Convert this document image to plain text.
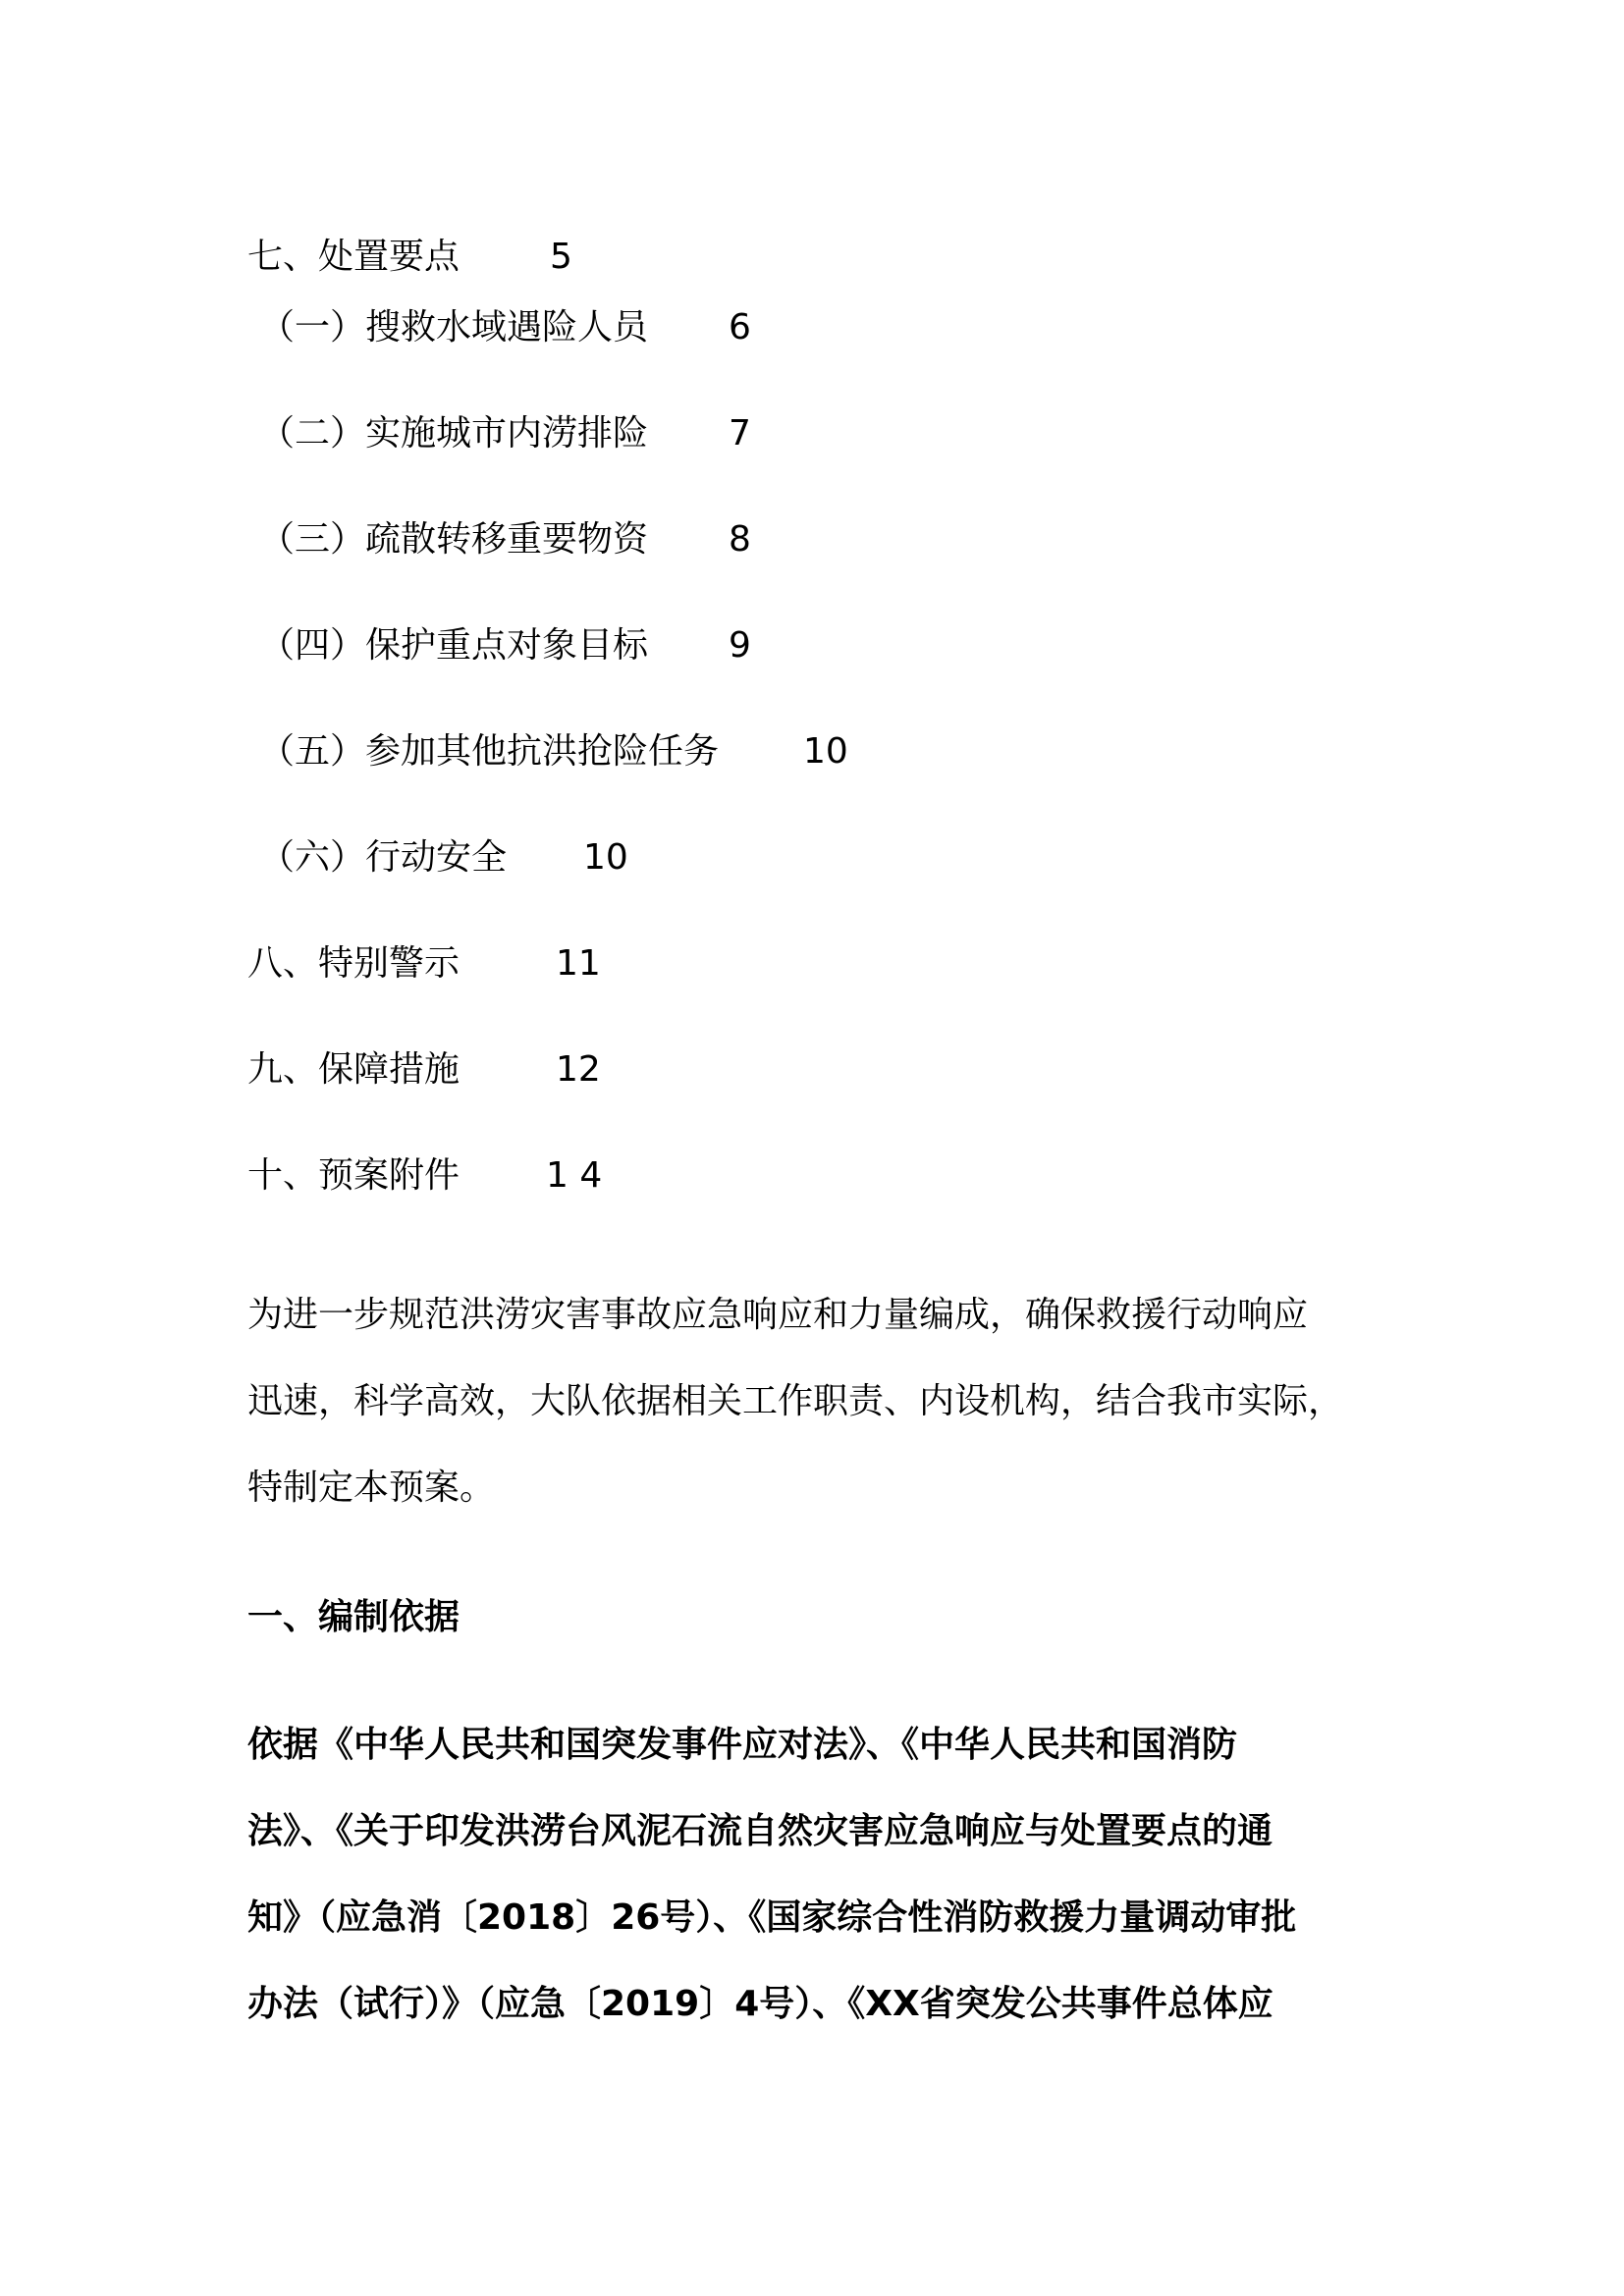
七、处置要点	5
（一）搜救水域遇险人员 6
（二）实施城市内涝排险 7
（三）疏散转移重要物资 8
（四）保护重点对象目标 9
（五）参加其他抗洪抢险任务 10
（六）行动安全 10
八、特别警示	11
九、保障措施	12
十、预案附件 1 4
为进一步规范洪涝灾害事故应急响应和力量编成，确保救援行动响应
迅速，科学高效，大队依据相关工作职责、内设机构，结合我市实际，
特制定本预案。
一、编制依据
依据《中华人民共和国突发事件应对法》、《中华人民共和国消防
法》、《关于印发洪涝台风泥石流自然灾害应急响应与处置要点的通
知》（应急消〔2018〕26号）、《国家综合性消防救援力量调动审批
办法（试行）》（应急〔2019〕4号）、《XX省突发公共事件总体应
